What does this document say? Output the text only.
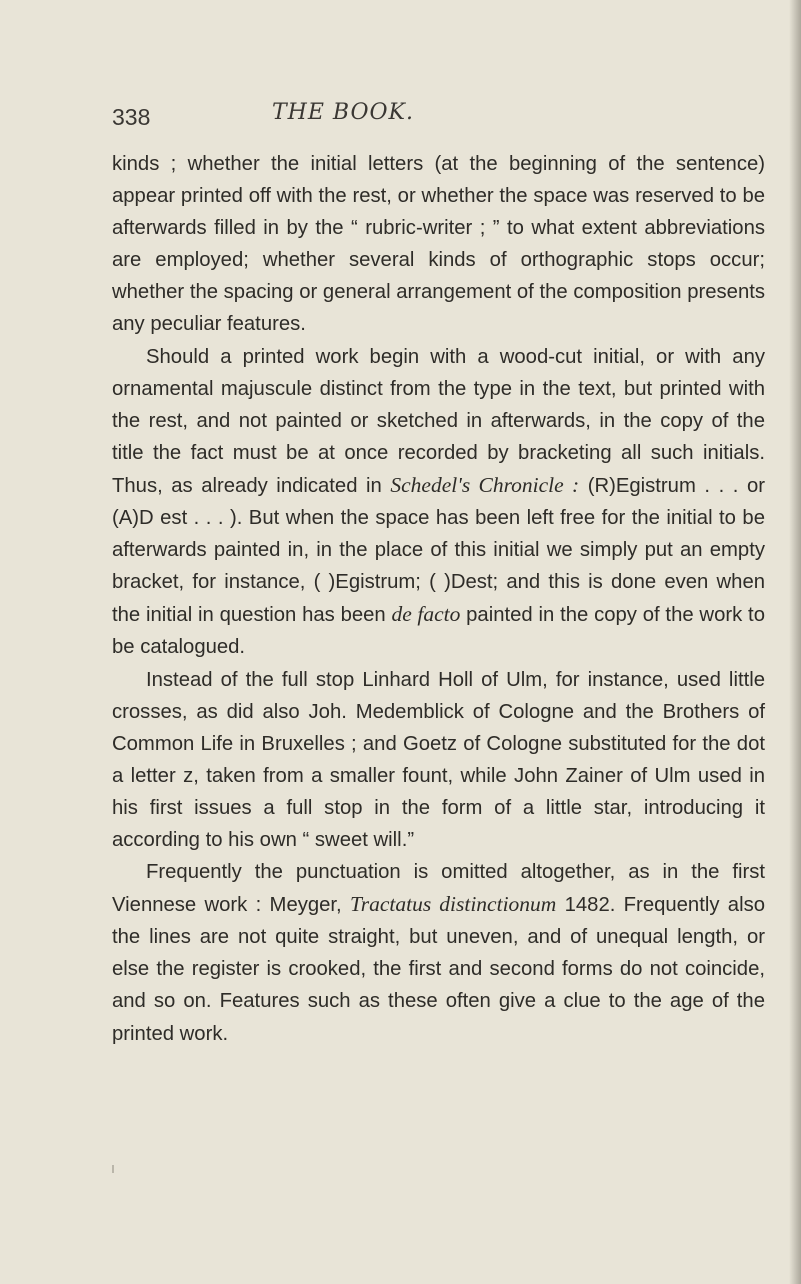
338	THE BOOK.

kinds ; whether the initial letters (at the beginning of the sentence) appear printed off with the rest, or whether the space was reserved to be afterwards filled in by the “ rubric-writer ; ” to what extent abbreviations are employed; whether several kinds of orthographic stops occur; whether the spacing or general arrangement of the composition presents any peculiar features.

Should a printed work begin with a wood-cut initial, or with any ornamental majuscule distinct from the type in the text, but printed with the rest, and not painted or sketched in afterwards, in the copy of the title the fact must be at once recorded by bracketing all such initials. Thus, as already indicated in Schedel's Chronicle : (R)Egistrum . . . or (A)D est . . . ). But when the space has been left free for the initial to be afterwards painted in, in the place of this initial we simply put an empty bracket, for instance, ( )Egistrum; ( )Dest; and this is done even when the initial in question has been de facto painted in the copy of the work to be catalogued.

Instead of the full stop Linhard Holl of Ulm, for instance, used little crosses, as did also Joh. Medemblick of Cologne and the Brothers of Common Life in Bruxelles ; and Goetz of Cologne substituted for the dot a letter z, taken from a smaller fount, while John Zainer of Ulm used in his first issues a full stop in the form of a little star, introducing it according to his own “ sweet will.”

Frequently the punctuation is omitted altogether, as in the first Viennese work : Meyger, Tractatus distinctionum 1482. Frequently also the lines are not quite straight, but uneven, and of unequal length, or else the register is crooked, the first and second forms do not coincide, and so on. Features such as these often give a clue to the age of the printed work.
